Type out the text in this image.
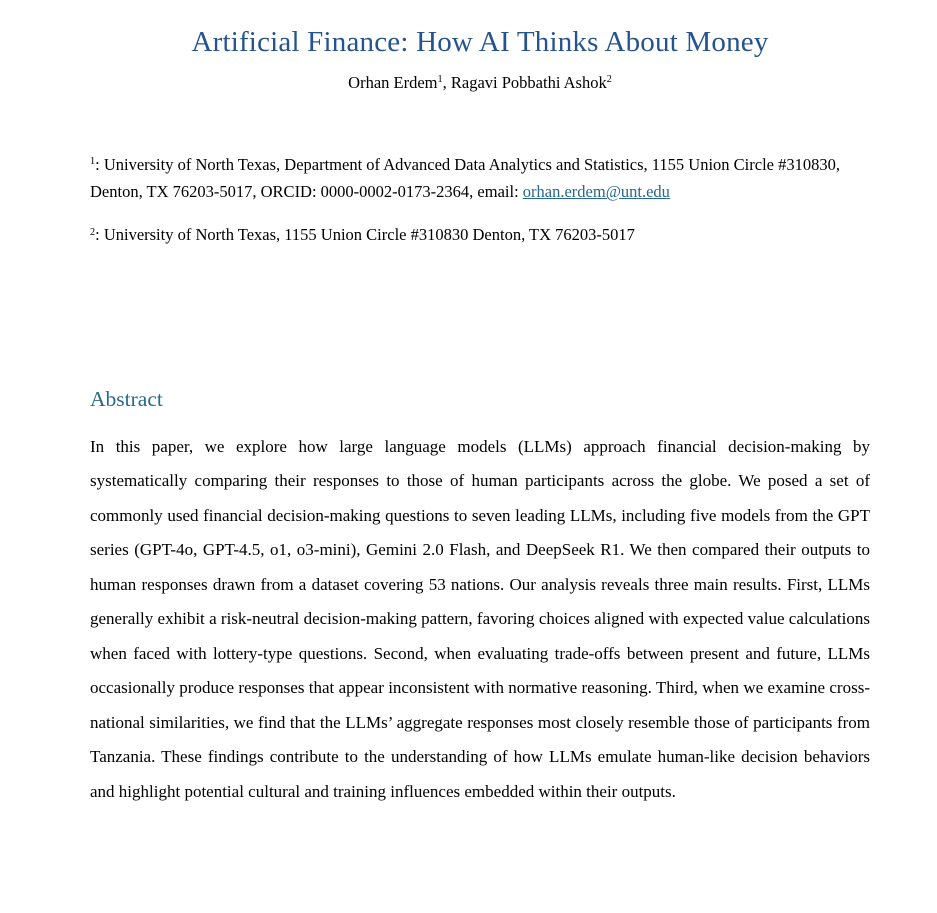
Artificial Finance: How AI Thinks About Money

Orhan Erdem$^1$, Ragavi Pobbathi Ashok$^2$

$^1$: University of North Texas, Department of Advanced Data Analytics and Statistics, 1155 Union Circle #310830, Denton, TX 76203-5017, ORCID: 0000-0002-0173-2364, email: orhan.erdem@unt.edu

$^2$: University of North Texas, 1155 Union Circle #310830 Denton, TX 76203-5017

Abstract

In this paper, we explore how large language models (LLMs) approach financial decision-making by systematically comparing their responses to those of human participants across the globe. We posed a set of commonly used financial decision-making questions to seven leading LLMs, including five models from the GPT series (GPT-4o, GPT-4.5, o1, o3-mini), Gemini 2.0 Flash, and DeepSeek R1. We then compared their outputs to human responses drawn from a dataset covering 53 nations. Our analysis reveals three main results. First, LLMs generally exhibit a risk-neutral decision-making pattern, favoring choices aligned with expected value calculations when faced with lottery-type questions. Second, when evaluating trade-offs between present and future, LLMs occasionally produce responses that appear inconsistent with normative reasoning. Third, when we examine cross-national similarities, we find that the LLMs’ aggregate responses most closely resemble those of participants from Tanzania. These findings contribute to the understanding of how LLMs emulate human-like decision behaviors and highlight potential cultural and training influences embedded within their outputs.
